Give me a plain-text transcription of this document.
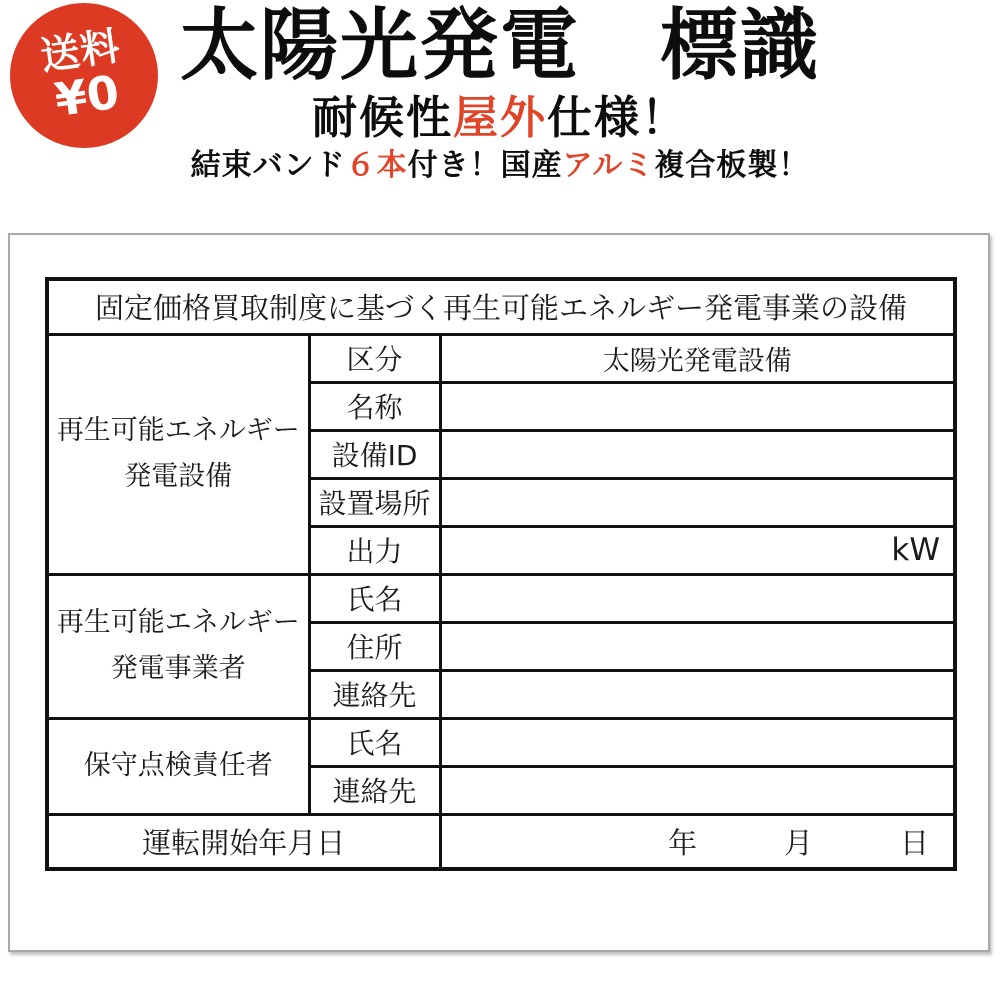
送料
¥0
太陽光発電　標識
耐候性屋外仕様！
結束バンド６本付き！国産アルミ複合板製！
固定価格買取制度に基づく再生可能エネルギー発電事業の設備		

再生可能エネルギー
発電設備	区分	太陽光発電設備
	名称	
	設備ID	
	設置場所	
	出力	kW

再生可能エネルギー
発電事業者	氏名	
	住所	
	連絡先	

保守点検責任者	氏名	
	連絡先	
運転開始年月日		年 月 日
